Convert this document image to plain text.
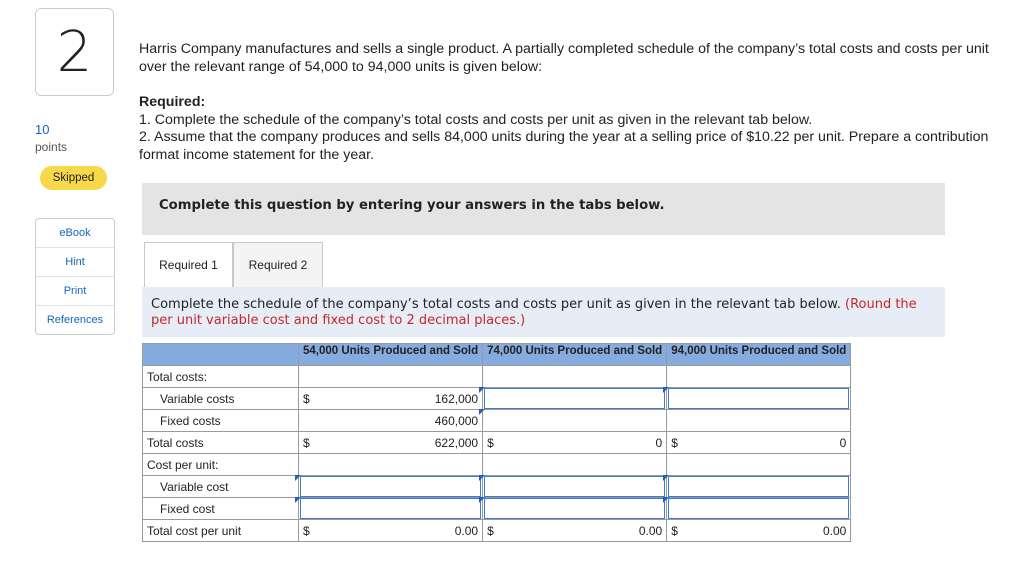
2
10
points
Skipped
eBook
Hint
Print
References
Harris Company manufactures and sells a single product. A partially completed schedule of the company’s total costs and costs per unit over the relevant range of 54,000 to 94,000 units is given below:
Required:
1. Complete the schedule of the company’s total costs and costs per unit as given in the relevant tab below.
2. Assume that the company produces and sells 84,000 units during the year at a selling price of $10.22 per unit. Prepare a contribution format income statement for the year.
Complete this question by entering your answers in the tabs below.
Required 1	Required 2
Complete the schedule of the company’s total costs and costs per unit as given in the relevant tab below. (Round the per unit variable cost and fixed cost to 2 decimal places.)
	54,000 Units Produced and Sold	74,000 Units Produced and Sold	94,000 Units Produced and Sold
Total costs:			
Variable costs	$ 162,000		

Fixed costs	460,000		
Total costs	$ 622,000	$ 0	$ 0

Cost per unit:			
Variable cost	

Fixed cost	

Total cost per unit	$ 0.00	$ 0.00	$ 0.00
